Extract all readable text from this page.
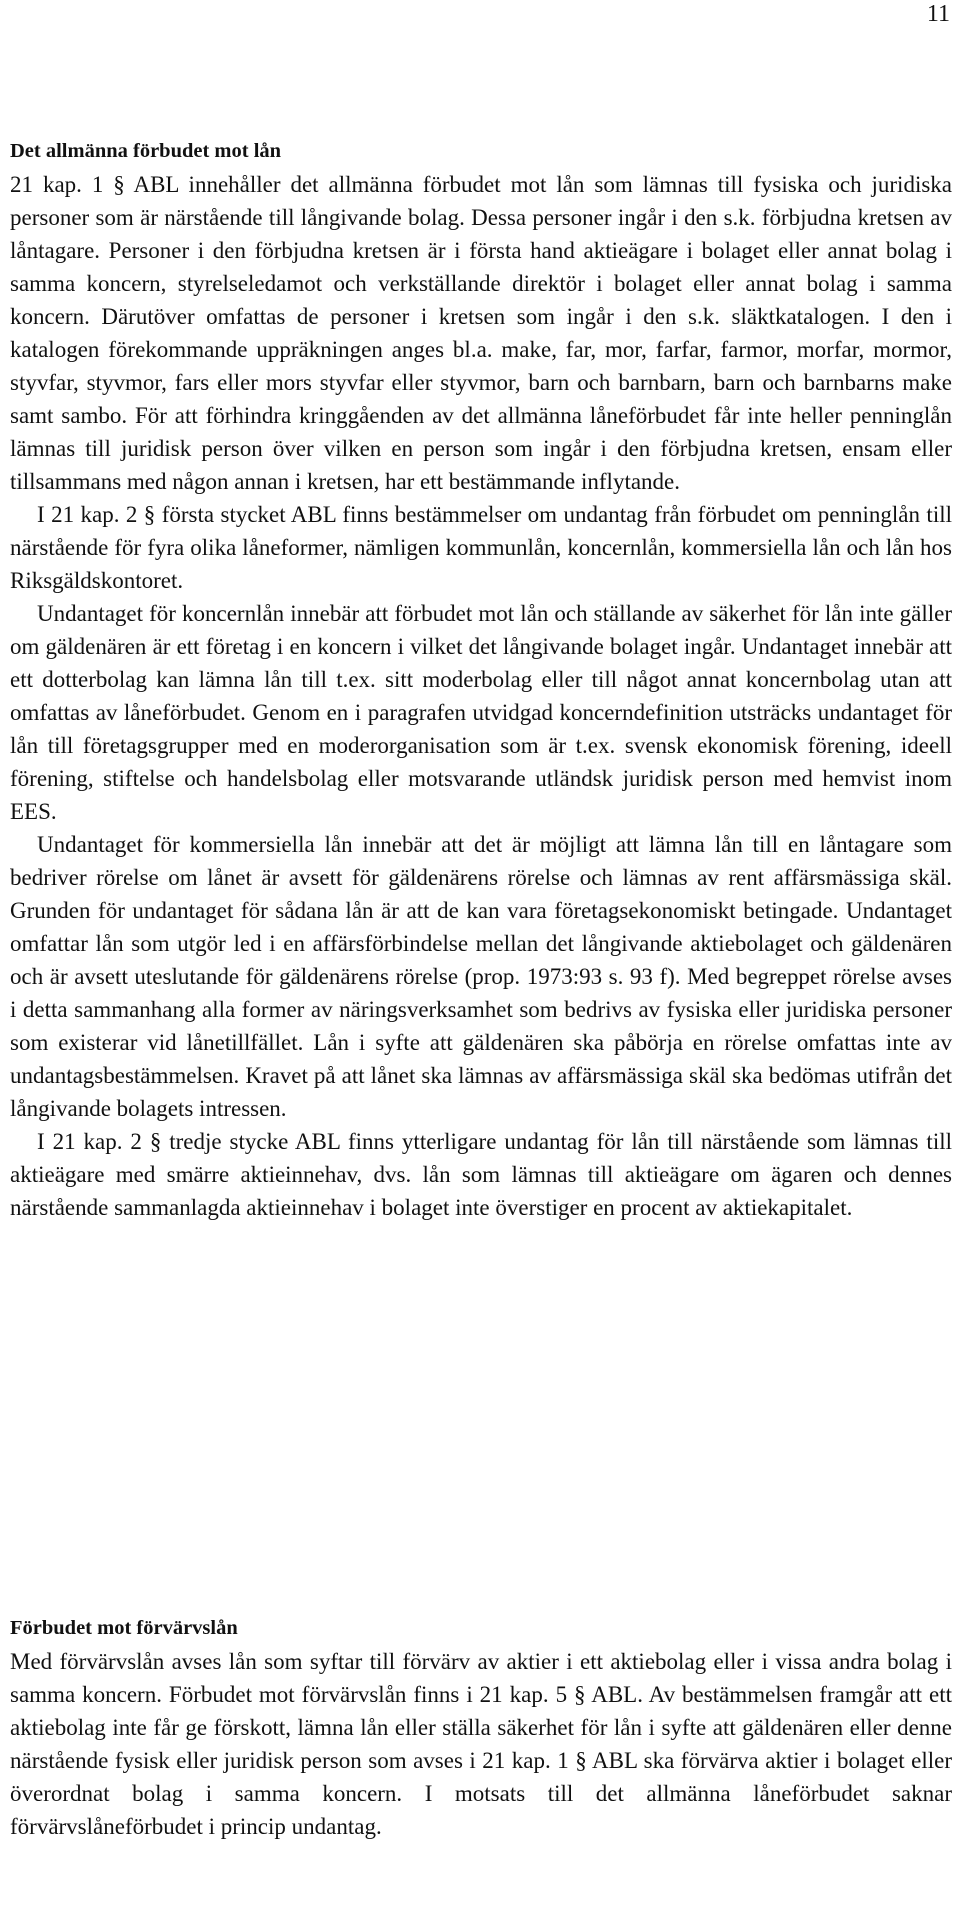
11
Det allmänna förbudet mot lån

21 kap. 1 § ABL innehåller det allmänna förbudet mot lån som lämnas till fysiska och juridiska personer som är närstående till långivande bolag. Dessa personer ingår i den s.k. förbjudna kretsen av låntagare. Personer i den förbjudna kretsen är i första hand aktieägare i bolaget eller annat bolag i samma koncern, styrelseledamot och verkställande direktör i bolaget eller annat bolag i samma koncern. Därutöver omfattas de personer i kretsen som ingår i den s.k. släktkatalogen. I den i katalogen förekommande uppräkningen anges bl.a. make, far, mor, farfar, farmor, morfar, mormor, styvfar, styvmor, fars eller mors styvfar eller styvmor, barn och barnbarn, barn och barnbarns make samt sambo. För att förhindra kringgåenden av det allmänna låneförbudet får inte heller penninglån lämnas till juridisk person över vilken en person som ingår i den förbjudna kretsen, ensam eller tillsammans med någon annan i kretsen, har ett bestämmande inflytande.

I 21 kap. 2 § första stycket ABL finns bestämmelser om undantag från förbudet om penninglån till närstående för fyra olika låneformer, nämligen kommunlån, koncernlån, kommersiella lån och lån hos Riksgäldskontoret.

Undantaget för koncernlån innebär att förbudet mot lån och ställande av säkerhet för lån inte gäller om gäldenären är ett företag i en koncern i vilket det långivande bolaget ingår. Undantaget innebär att ett dotterbolag kan lämna lån till t.ex. sitt moderbolag eller till något annat koncernbolag utan att omfattas av låneförbudet. Genom en i paragrafen utvidgad koncerndefinition utsträcks undantaget för lån till företagsgrupper med en moderorganisation som är t.ex. svensk ekonomisk förening, ideell förening, stiftelse och handelsbolag eller motsvarande utländsk juridisk person med hemvist inom EES.

Undantaget för kommersiella lån innebär att det är möjligt att lämna lån till en låntagare som bedriver rörelse om lånet är avsett för gäldenärens rörelse och lämnas av rent affärsmässiga skäl. Grunden för undantaget för sådana lån är att de kan vara företagsekonomiskt betingade. Undantaget omfattar lån som utgör led i en affärsförbindelse mellan det långivande aktiebolaget och gäldenären och är avsett uteslutande för gäldenärens rörelse (prop. 1973:93 s. 93 f). Med begreppet rörelse avses i detta sammanhang alla former av näringsverksamhet som bedrivs av fysiska eller juridiska personer som existerar vid lånetillfället. Lån i syfte att gäldenären ska påbörja en rörelse omfattas inte av undantagsbestämmelsen. Kravet på att lånet ska lämnas av affärsmässiga skäl ska bedömas utifrån det långivande bolagets intressen.

I 21 kap. 2 § tredje stycke ABL finns ytterligare undantag för lån till närstående som lämnas till aktieägare med smärre aktieinnehav, dvs. lån som lämnas till aktieägare om ägaren och dennes närstående sammanlagda aktieinnehav i bolaget inte överstiger en procent av aktiekapitalet.

Förbudet mot förvärvslån

Med förvärvslån avses lån som syftar till förvärv av aktier i ett aktiebolag eller i vissa andra bolag i samma koncern. Förbudet mot förvärvslån finns i 21 kap. 5 § ABL. Av bestämmelsen framgår att ett aktiebolag inte får ge förskott, lämna lån eller ställa säkerhet för lån i syfte att gäldenären eller denne närstående fysisk eller juridisk person som avses i 21 kap. 1 § ABL ska förvärva aktier i bolaget eller överordnat bolag i samma koncern. I motsats till det allmänna låneförbudet saknar förvärvslåneförbudet i princip undantag.
